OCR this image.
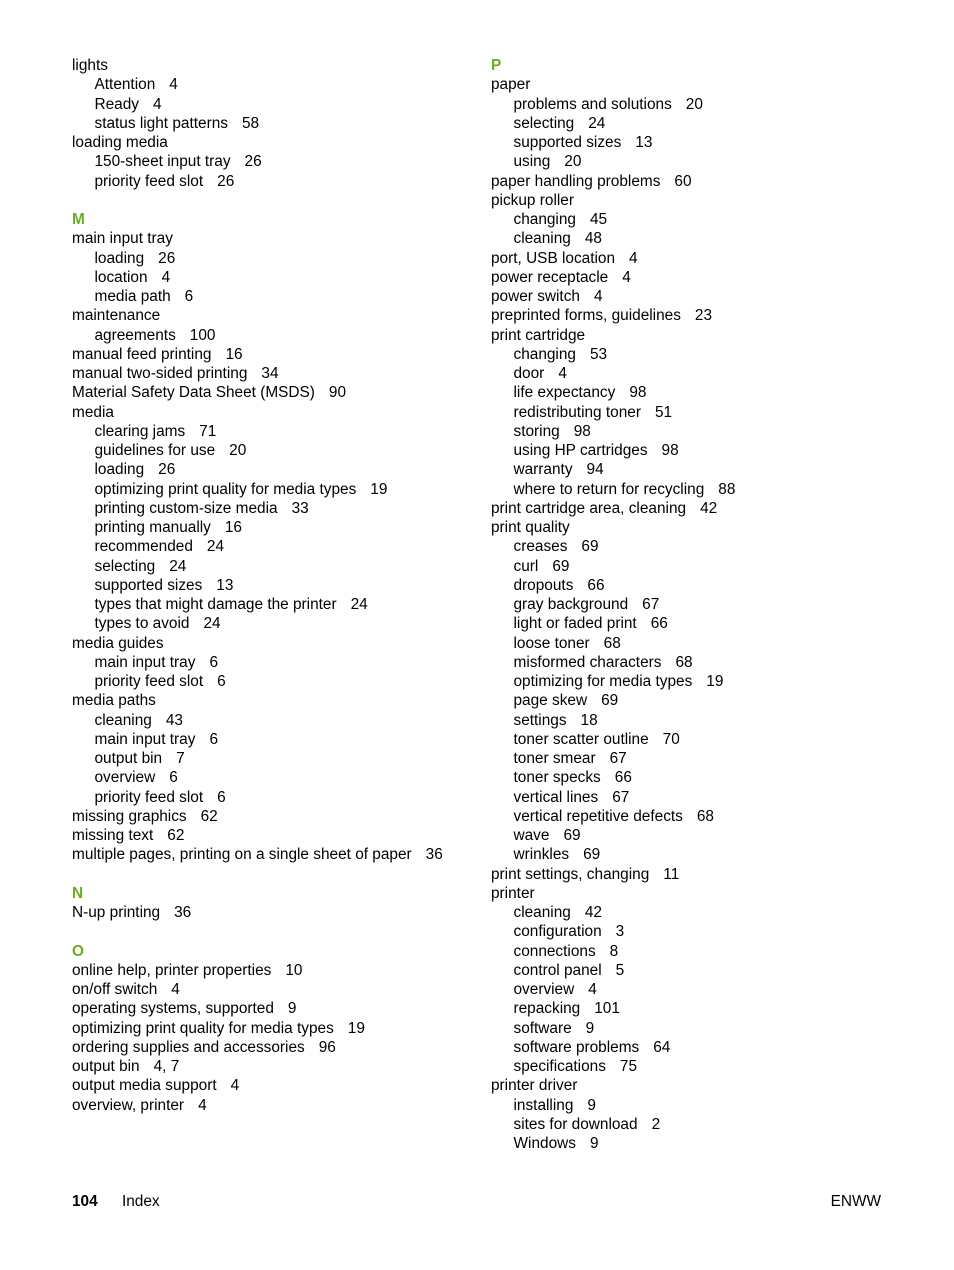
lights
Attention 4
Ready 4
status light patterns 58
loading media
150-sheet input tray 26
priority feed slot 26
M
main input tray
loading 26
location 4
media path 6
maintenance
agreements 100
manual feed printing 16
manual two-sided printing 34
Material Safety Data Sheet (MSDS) 90
media
clearing jams 71
guidelines for use 20
loading 26
optimizing print quality for media types 19
printing custom-size media 33
printing manually 16
recommended 24
selecting 24
supported sizes 13
types that might damage the printer 24
types to avoid 24
media guides
main input tray 6
priority feed slot 6
media paths
cleaning 43
main input tray 6
output bin 7
overview 6
priority feed slot 6
missing graphics 62
missing text 62
multiple pages, printing on a single sheet of paper 36
N
N-up printing 36
O
online help, printer properties 10
on/off switch 4
operating systems, supported 9
optimizing print quality for media types 19
ordering supplies and accessories 96
output bin 4, 7
output media support 4
overview, printer 4
P
paper
problems and solutions 20
selecting 24
supported sizes 13
using 20
paper handling problems 60
pickup roller
changing 45
cleaning 48
port, USB location 4
power receptacle 4
power switch 4
preprinted forms, guidelines 23
print cartridge
changing 53
door 4
life expectancy 98
redistributing toner 51
storing 98
using HP cartridges 98
warranty 94
where to return for recycling 88
print cartridge area, cleaning 42
print quality
creases 69
curl 69
dropouts 66
gray background 67
light or faded print 66
loose toner 68
misformed characters 68
optimizing for media types 19
page skew 69
settings 18
toner scatter outline 70
toner smear 67
toner specks 66
vertical lines 67
vertical repetitive defects 68
wave 69
wrinkles 69
print settings, changing 11
printer
cleaning 42
configuration 3
connections 8
control panel 5
overview 4
repacking 101
software 9
software problems 64
specifications 75
printer driver
installing 9
sites for download 2
Windows 9
104 Index	ENWW
